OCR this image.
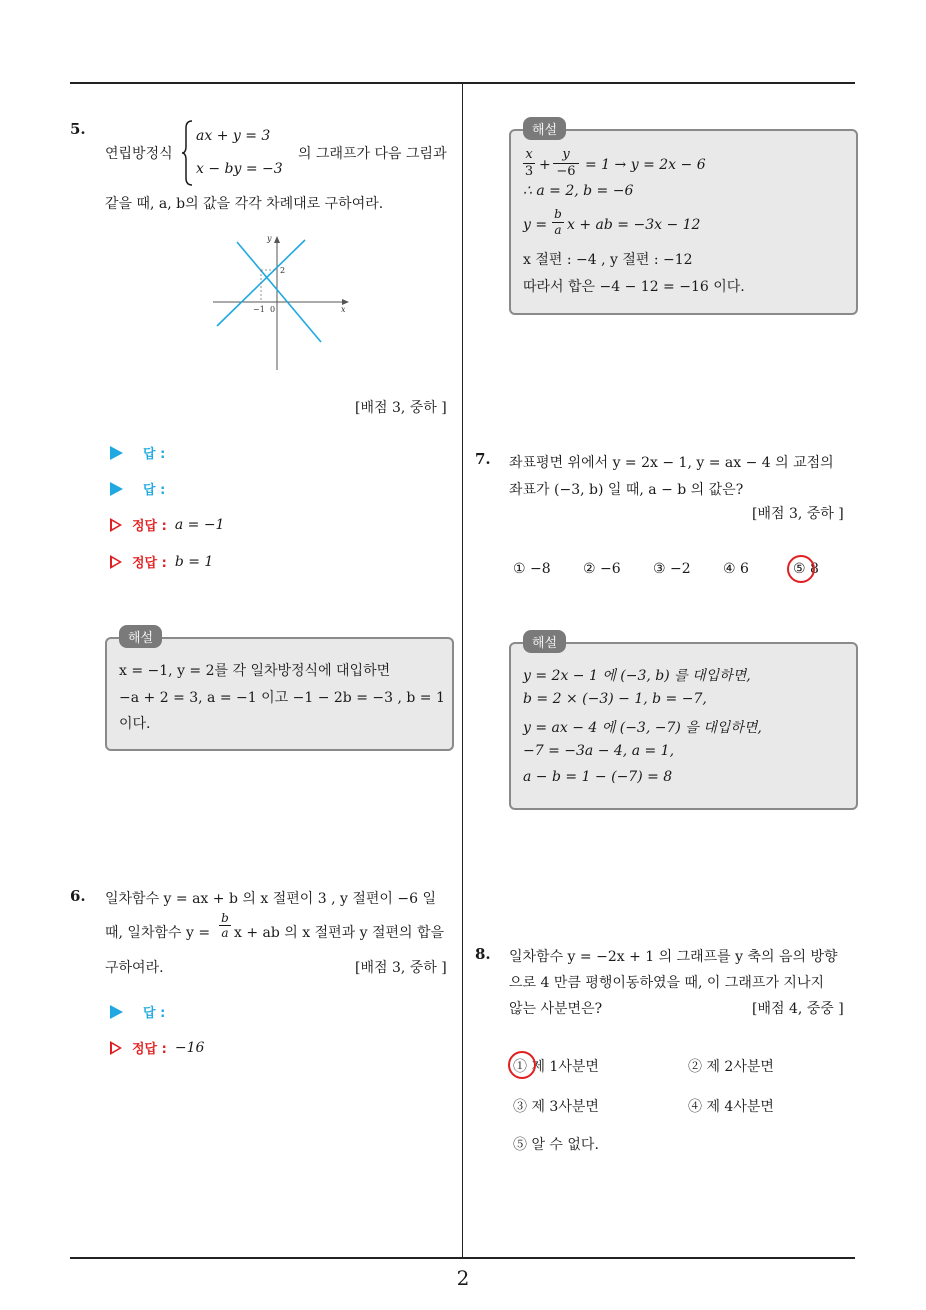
5.
연립방정식
ax + y = 3
x − by = −3
의 그래프가 다음 그림과
같을 때, a, b의 값을 각각 차례대로 구하여라.
y
x
−1 0
2
[배점 3, 중하 ]
답 :
답 :
정답 : a = −1
정답 : b = 1
x = −1, y = 2를 각 일차방정식에 대입하면
−a + 2 = 3, a = −1 이고 −1 − 2b = −3 , b = 1
이다.
해설
6. 일차함수 y = ax + b 의 x 절편이 3 , y 절편이 −6 일
때, 일차함수 $y = \frac{b}{a}$ x + ab 의 x 절편과 y 절편의 합을
구하여라.	[배점 3, 중하 ]
답 :
정답 : −16
$\frac{x}{3} + \frac{y}{-6} = 1 \to y = 2x - 6$
∴ a = 2, b = −6
$y = \frac{b}{a}$ x + ab = −3x − 12
x 절편 : −4 , y 절편 : −12
따라서 합은 −4 − 12 = −16 이다.
해설
7. 좌표평면 위에서 y = 2x − 1, y = ax − 4 의 교점의
좌표가 (−3, b) 일 때, a − b 의 값은?
[배점 3, 중하 ]
① −8 ② −6 ③ −2 ④ 6	⑤ 8
y = 2x − 1 에 (−3, b) 를 대입하면,
b = 2 × (−3) − 1, b = −7,
y = ax − 4 에 (−3, −7) 을 대입하면,
−7 = −3a − 4, a = 1,
a − b = 1 − (−7) = 8
해설
8. 일차함수 y = −2x + 1 의 그래프를 y 축의 음의 방향
으로 4 만큼 평행이동하였을 때, 이 그래프가 지나지
않는 사분면은?	[배점 4, 중중 ]
① 제 1사분면	② 제 2사분면
③ 제 3사분면	④ 제 4사분면
⑤ 알 수 없다.
2
